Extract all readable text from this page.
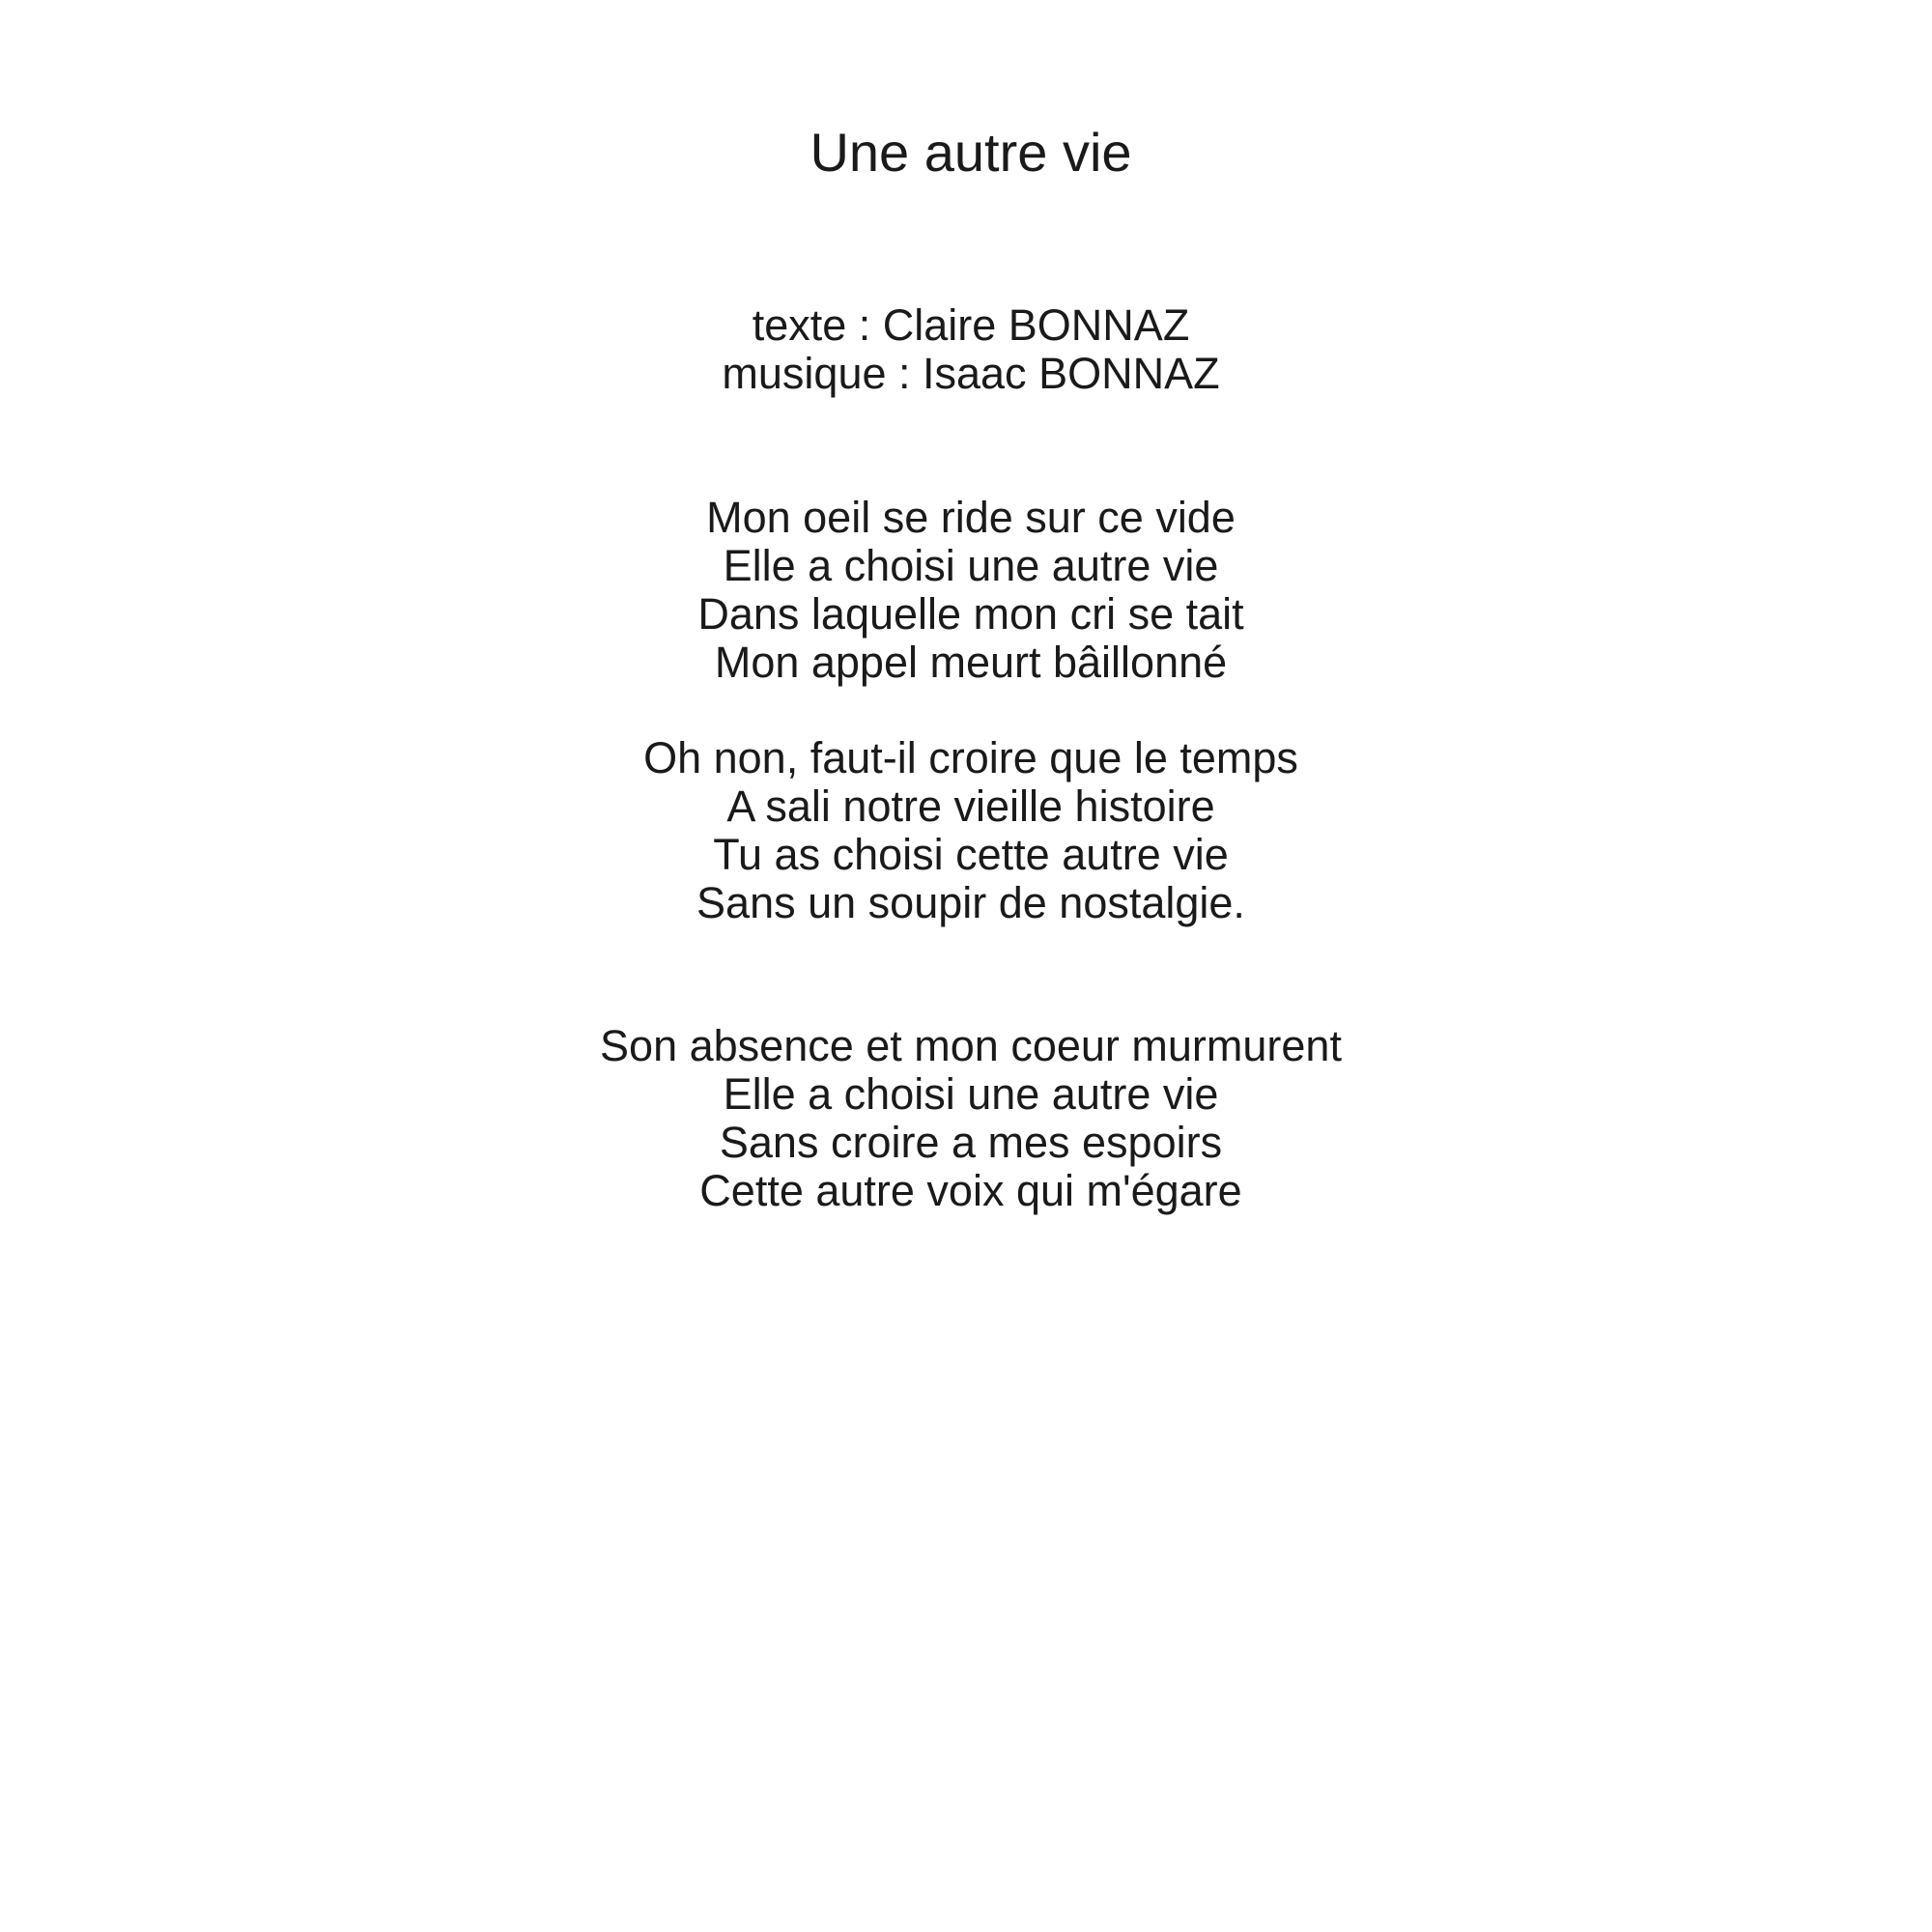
Une autre vie
texte : Claire BONNAZ
musique : Isaac BONNAZ
Mon oeil se ride sur ce vide
Elle a choisi une autre vie
Dans laquelle mon cri se tait
Mon appel meurt bâillonné
Oh non, faut-il croire que le temps
A sali notre vieille histoire
Tu as choisi cette autre vie
Sans un soupir de nostalgie.
Son absence et mon coeur murmurent
Elle a choisi une autre vie
Sans croire a mes espoirs
Cette autre voix qui m'égare
